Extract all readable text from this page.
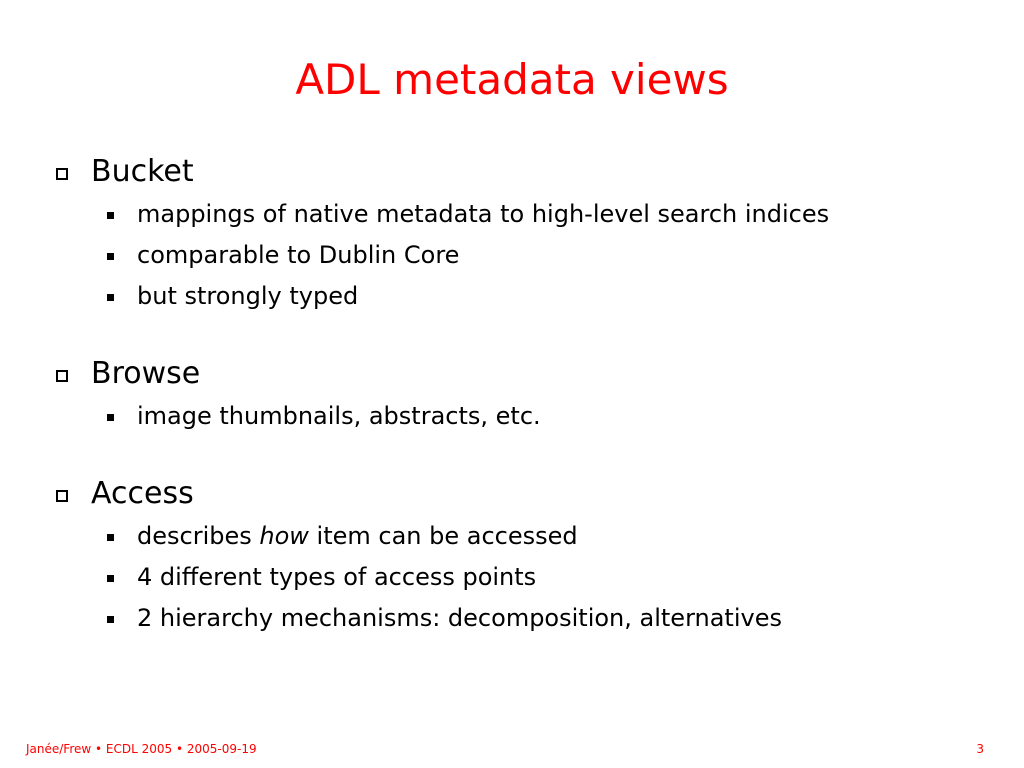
ADL metadata views
Bucket
mappings of native metadata to high-level search indices
comparable to Dublin Core
but strongly typed
Browse
image thumbnails, abstracts, etc.
Access
describes how item can be accessed
4 different types of access points
2 hierarchy mechanisms: decomposition, alternatives
Janée/Frew • ECDL 2005 • 2005-09-19	3
